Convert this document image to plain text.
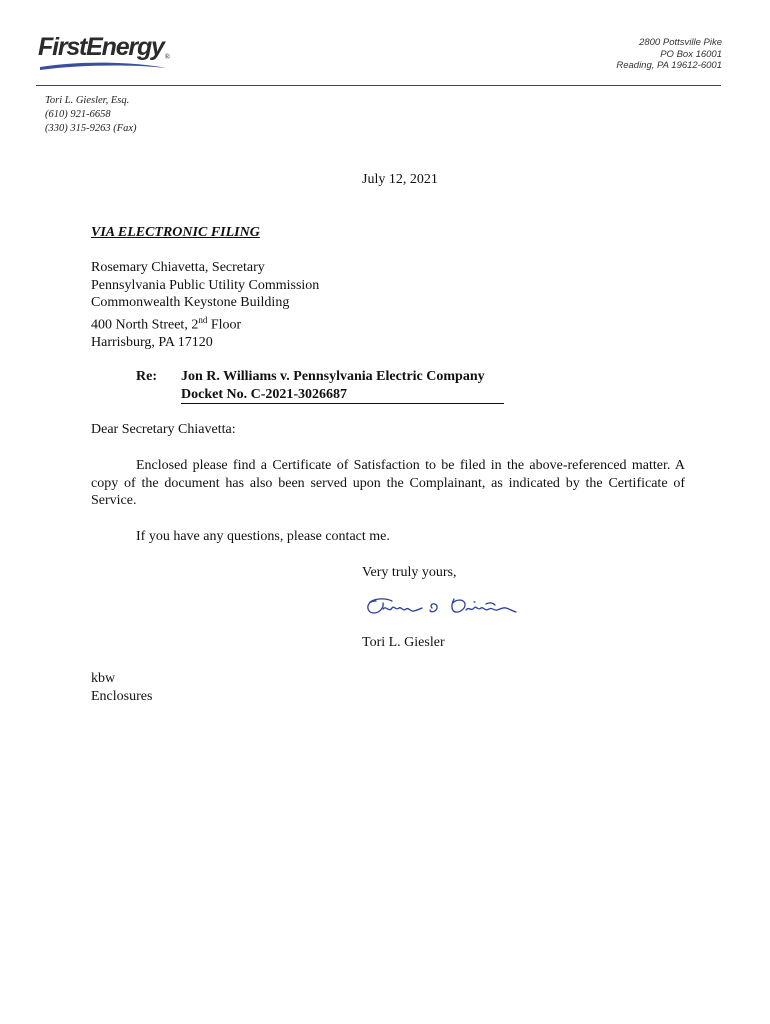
FirstEnergy®
2800 Pottsville Pike
PO Box 16001
Reading, PA 19612-6001
Tori L. Giesler, Esq.
(610) 921-6658
(330) 315-9263 (Fax)
July 12, 2021
VIA ELECTRONIC FILING
Rosemary Chiavetta, Secretary
Pennsylvania Public Utility Commission
Commonwealth Keystone Building
400 North Street, 2nd Floor
Harrisburg, PA 17120
Re: Jon R. Williams v. Pennsylvania Electric Company
Docket No. C-2021-3026687
Dear Secretary Chiavetta:
Enclosed please find a Certificate of Satisfaction to be filed in the above-referenced matter. A copy of the document has also been served upon the Complainant, as indicated by the Certificate of Service.
If you have any questions, please contact me.
Very truly yours,
Tori L. Giesler
kbw
Enclosures
